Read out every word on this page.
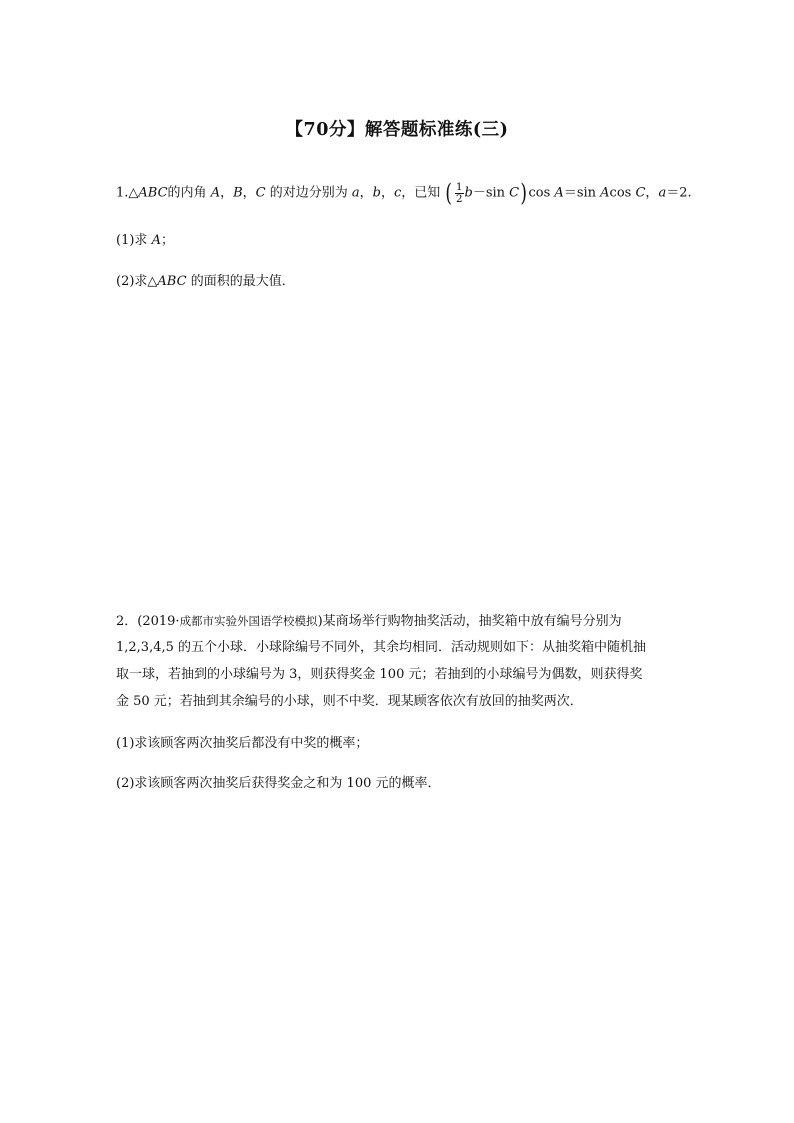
【70分】解答题标准练(三)
1.△ABC的内角 A，B，C 的对边分别为 a，b，c，已知 ( $\frac{1}{2} b-\sin$ C)cos A＝sin Acos C，a＝2.
(1)求 A；
(2)求△ABC 的面积的最大值．
2．(2019·成都市实验外国语学校模拟)某商场举行购物抽奖活动，抽奖箱中放有编号分别为
1,2,3,4,5 的五个小球．小球除编号不同外，其余均相同．活动规则如下：从抽奖箱中随机抽
取一球，若抽到的小球编号为 3，则获得奖金 100 元；若抽到的小球编号为偶数，则获得奖
金 50 元；若抽到其余编号的小球，则不中奖．现某顾客依次有放回的抽奖两次．
(1)求该顾客两次抽奖后都没有中奖的概率；
(2)求该顾客两次抽奖后获得奖金之和为 100 元的概率．
